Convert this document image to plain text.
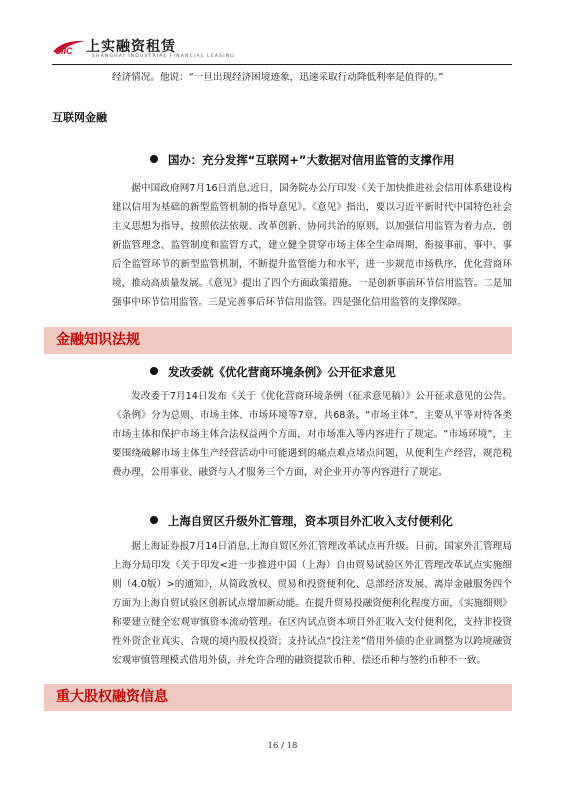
SIIC 上实融资租赁
SHANGHAI INDUSTRIAL FINANCIAL LEASING
经济情况。他说：“一旦出现经济困境迹象，迅速采取行动降低利率是值得的。”
互联网金融
国办：充分发挥“互联网+”大数据对信用监管的支撑作用
据中国政府网7月16日消息,近日，国务院办公厅印发《关于加快推进社会信用体系建设构建以信用为基础的新型监管机制的指导意见》。《意见》指出，要以习近平新时代中国特色社会主义思想为指导，按照依法依规、改革创新、协同共治的原则，以加强信用监管为着力点，创新监管理念、监管制度和监管方式，建立健全贯穿市场主体全生命周期，衔接事前、事中、事后全监管环节的新型监管机制，不断提升监管能力和水平，进一步规范市场秩序，优化营商环境，推动高质量发展。《意见》提出了四个方面政策措施。一是创新事前环节信用监管。二是加强事中环节信用监管。三是完善事后环节信用监管。四是强化信用监管的支撑保障。
金融知识法规
发改委就《优化营商环境条例》公开征求意见
发改委于7月14日发布《关于《优化营商环境条例（征求意见稿）》公开征求意见的公告。《条例》分为总则、市场主体、市场环境等7章，共68条。“市场主体”，主要从平等对待各类市场主体和保护市场主体合法权益两个方面，对市场准入等内容进行了规定。“市场环境”，主要围绕破解市场主体生产经营活动中可能遇到的痛点难点堵点问题，从便利生产经营，规范税费办理，公用事业、融资与人才服务三个方面，对企业开办等内容进行了规定。
上海自贸区升级外汇管理，资本项目外汇收入支付便利化
据上海证券报7月14日消息,上海自贸区外汇管理改革试点再升级。日前，国家外汇管理局上海分局印发《关于印发<进一步推进中国（上海）自由贸易试验区外汇管理改革试点实施细则（4.0版）>的通知》，从简政放权、贸易和投资便利化、总部经济发展、离岸金融服务四个方面为上海自贸试验区创新试点增加新动能。在提升贸易投融资便利化程度方面，《实施细则》称要建立健全宏观审慎资本流动管理。在区内试点资本项目外汇收入支付便利化，支持非投资性外资企业真实、合规的境内股权投资；支持试点“投注差”借用外债的企业调整为以跨境融资宏观审慎管理模式借用外债，并允许合理的融资提款币种、偿还币种与签约币种不一致。
重大股权融资信息
16 / 18
